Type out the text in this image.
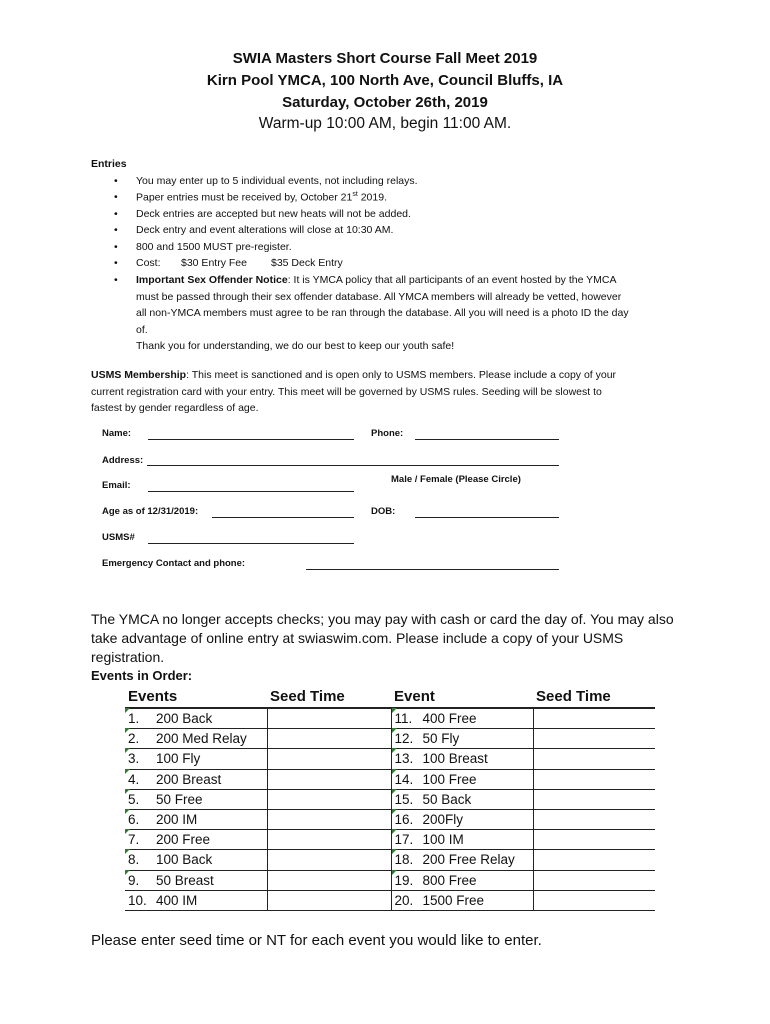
SWIA Masters Short Course Fall Meet 2019
Kirn Pool YMCA, 100 North Ave, Council Bluffs, IA
Saturday, October 26th, 2019
Warm-up 10:00 AM, begin 11:00 AM.
Entries
You may enter up to 5 individual events, not including relays.
Paper entries must be received by, October 21st 2019.
Deck entries are accepted but new heats will not be added.
Deck entry and event alterations will close at 10:30 AM.
800 and 1500 MUST pre-register.
Cost: $30 Entry Fee $35 Deck Entry
Important Sex Offender Notice: It is YMCA policy that all participants of an event hosted by the YMCA
must be passed through their sex offender database. All YMCA members will already be vetted, however
all non-YMCA members must agree to be ran through the database. All you will need is a photo ID the day
of.
Thank you for understanding, we do our best to keep our youth safe!
USMS Membership: This meet is sanctioned and is open only to USMS members. Please include a copy of your
current registration card with your entry. This meet will be governed by USMS rules. Seeding will be slowest to
fastest by gender regardless of age.
Name:	Phone:
Address:
Email:
Male / Female (Please Circle)
Age as of 12/31/2019:	DOB:
USMS#
Emergency Contact and phone:
The YMCA no longer accepts checks; you may pay with cash or card the day of. You may also
take advantage of online entry at swiaswim.com. Please include a copy of your USMS
registration.
Events in Order:
Events	Seed Time	Event	Seed Time

1. 200 Back		11. 400 Free	

2. 200 Med Relay		12. 50 Fly	

3. 100 Fly		13. 100 Breast	

4. 200 Breast		14. 100 Free	

5. 50 Free		15. 50 Back	

6. 200 IM		16. 200Fly	

7. 200 Free		17. 100 IM	

8. 100 Back		18. 200 Free Relay	

9. 50 Breast		19. 800 Free	
10. 400 IM		20. 1500 Free	
Please enter seed time or NT for each event you would like to enter.
